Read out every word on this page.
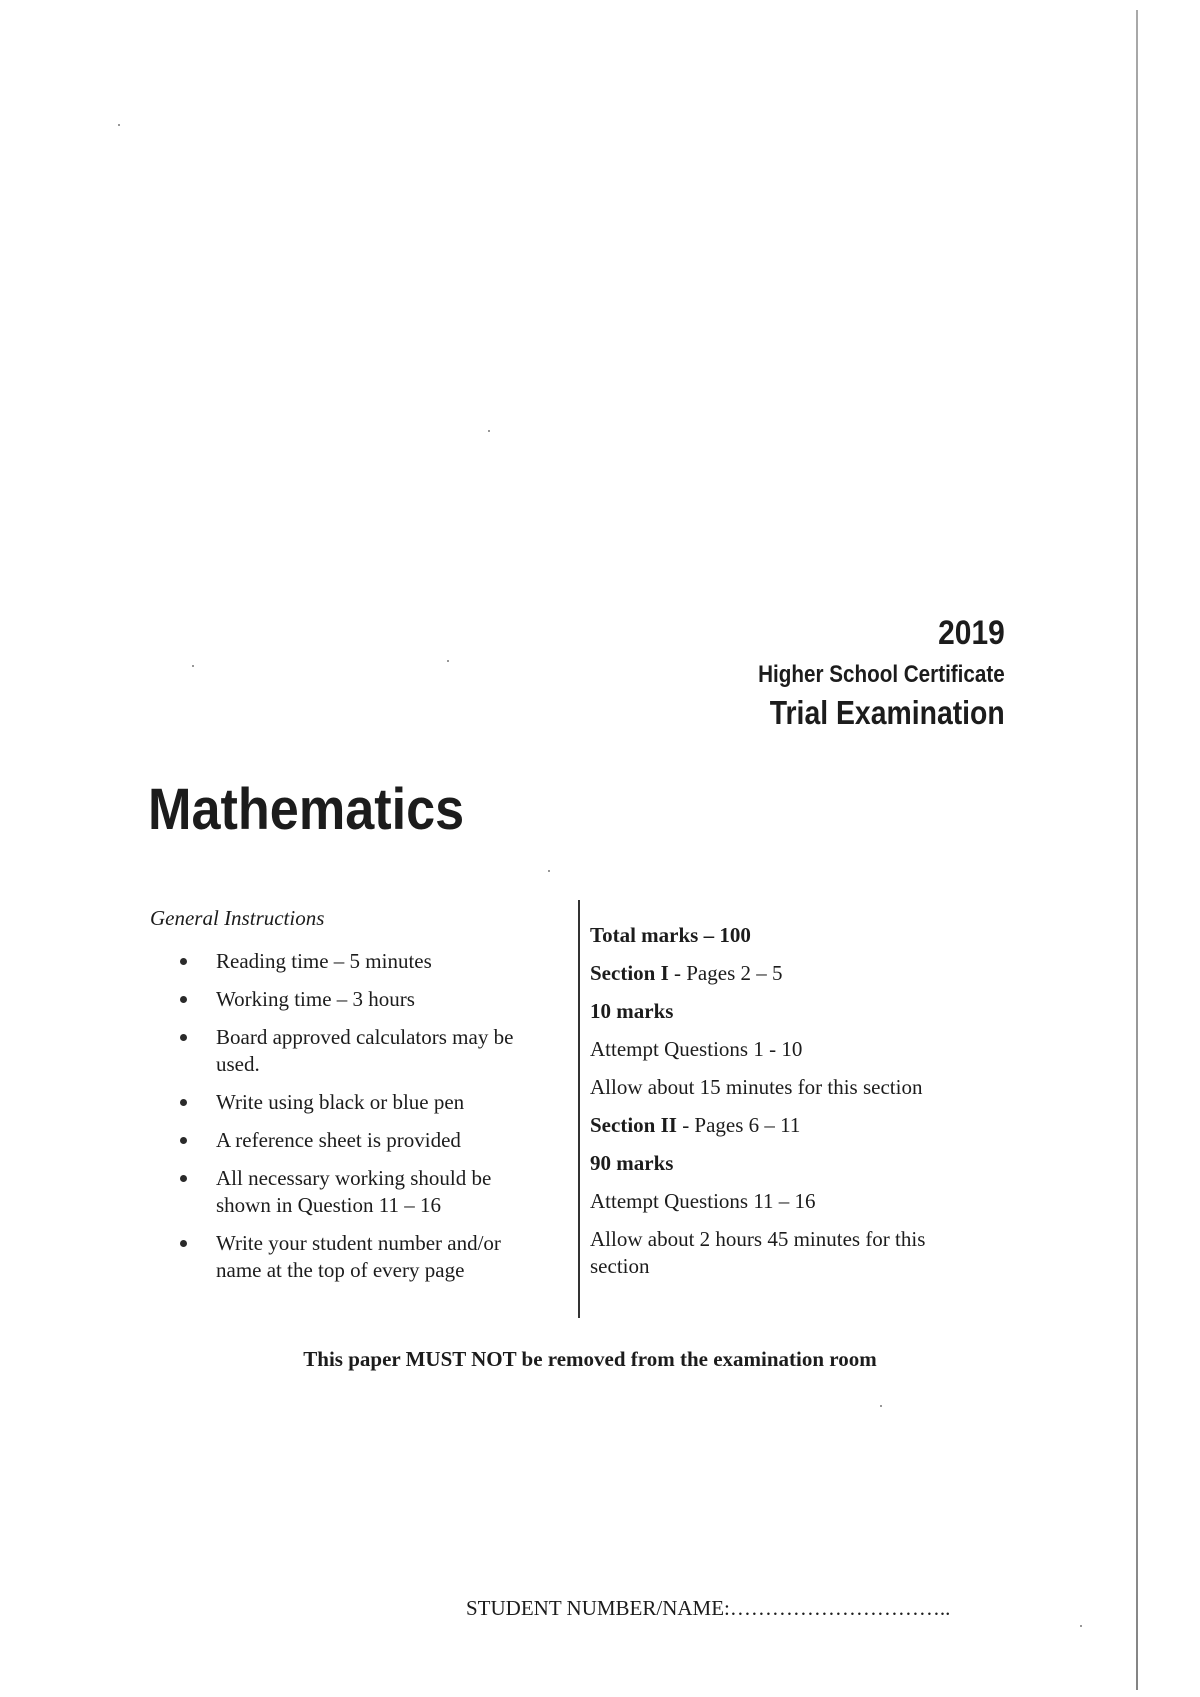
2019
Higher School Certificate
Trial Examination
Mathematics
General Instructions
Reading time – 5 minutes
Working time – 3 hours
Board approved calculators may be used.
Write using black or blue pen
A reference sheet is provided
All necessary working should be shown in Question 11 – 16
Write your student number and/or name at the top of every page
Total marks – 100
Section I - Pages 2 – 5
10 marks
Attempt Questions 1 - 10
Allow about 15 minutes for this section
Section II - Pages 6 – 11
90 marks
Attempt Questions 11 – 16
Allow about 2 hours 45 minutes for this section
This paper MUST NOT be removed from the examination room
STUDENT NUMBER/NAME:…………………………..
